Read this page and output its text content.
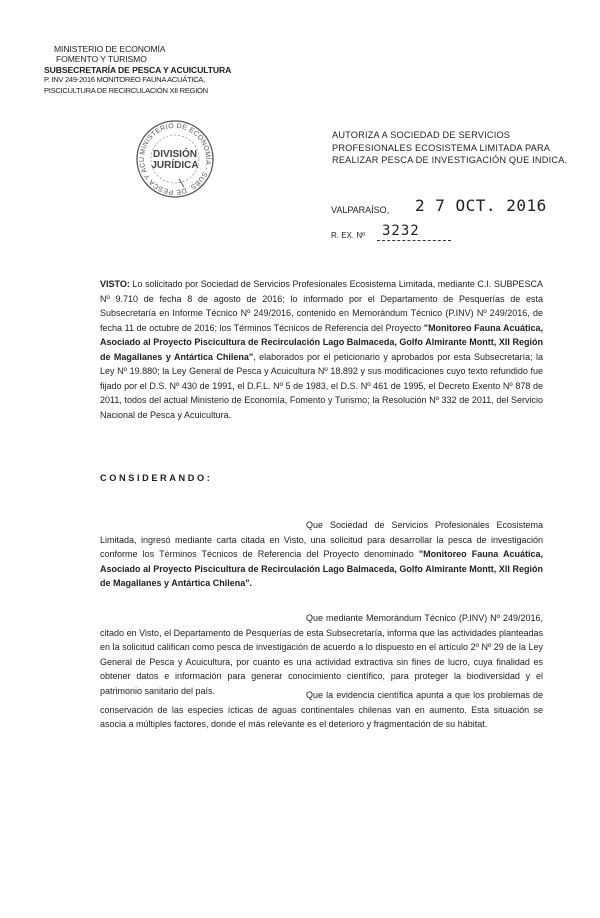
MINISTERIO DE ECONOMÍA
FOMENTO Y TURISMO
SUBSECRETARÍA DE PESCA Y ACUICULTURA
P. INV 249-2016 MONITOREO FAUNA ACUÁTICA,
PISCICULTURA DE RECIRCULACIÓN XII REGIÓN
MINISTERIO DE ECONOMÍA - SUBS. DE PESCA Y ACU DIVISIÓN
JURÍDICA
AUTORIZA A SOCIEDAD DE SERVICIOS
PROFESIONALES ECOSISTEMA LIMITADA PARA
REALIZAR PESCA DE INVESTIGACIÓN QUE INDICA.
VALPARAÍSO, 2 7 OCT. 2016
R. EX. Nº 3232
VISTO: Lo solicitado por Sociedad de Servicios Profesionales Ecosistema Limitada, mediante C.I. SUBPESCA Nº 9.710 de fecha 8 de agosto de 2016; lo informado por el Departamento de Pesquerías de esta Subsecretaría en Informe Técnico Nº 249/2016, contenido en Memorándum Técnico (P.INV) Nº 249/2016, de fecha 11 de octubre de 2016; los Términos Técnicos de Referencia del Proyecto "Monitoreo Fauna Acuática, Asociado al Proyecto Piscicultura de Recirculación Lago Balmaceda, Golfo Almirante Montt, XII Región de Magallanes y Antártica Chilena", elaborados por el peticionario y aprobados por esta Subsecretaría; la Ley Nº 19.880; la Ley General de Pesca y Acuicultura Nº 18.892 y sus modificaciones cuyo texto refundido fue fijado por el D.S. Nº 430 de 1991, el D.F.L. Nº 5 de 1983, el D.S. Nº 461 de 1995, el Decreto Exento Nº 878 de 2011, todos del actual Ministerio de Economía, Fomento y Turismo; la Resolución Nº 332 de 2011, del Servicio Nacional de Pesca y Acuicultura.
CONSIDERANDO:
Que Sociedad de Servicios Profesionales Ecosistema Limitada, ingresó mediante carta citada en Visto, una solicitud para desarrollar la pesca de investigación conforme los Términos Técnicos de Referencia del Proyecto denominado "Monitoreo Fauna Acuática, Asociado al Proyecto Piscicultura de Recirculación Lago Balmaceda, Golfo Almirante Montt, XII Región de Magallanes y Antártica Chilena".
Que mediante Memorándum Técnico (P.INV) Nº 249/2016, citado en Visto, el Departamento de Pesquerías de esta Subsecretaría, informa que las actividades planteadas en la solicitud califican como pesca de investigación de acuerdo a lo dispuesto en el artículo 2º Nº 29 de la Ley General de Pesca y Acuicultura, por cuanto es una actividad extractiva sin fines de lucro, cuya finalidad es obtener datos e información para generar conocimiento científico, para proteger la biodiversidad y el patrimonio sanitario del país.	Que la evidencia científica apunta a que los problemas de conservación de las especies ícticas de aguas continentales chilenas van en aumento. Esta situación se asocia a múltiples factores, donde el más relevante es el deterioro y fragmentación de su hábitat.
